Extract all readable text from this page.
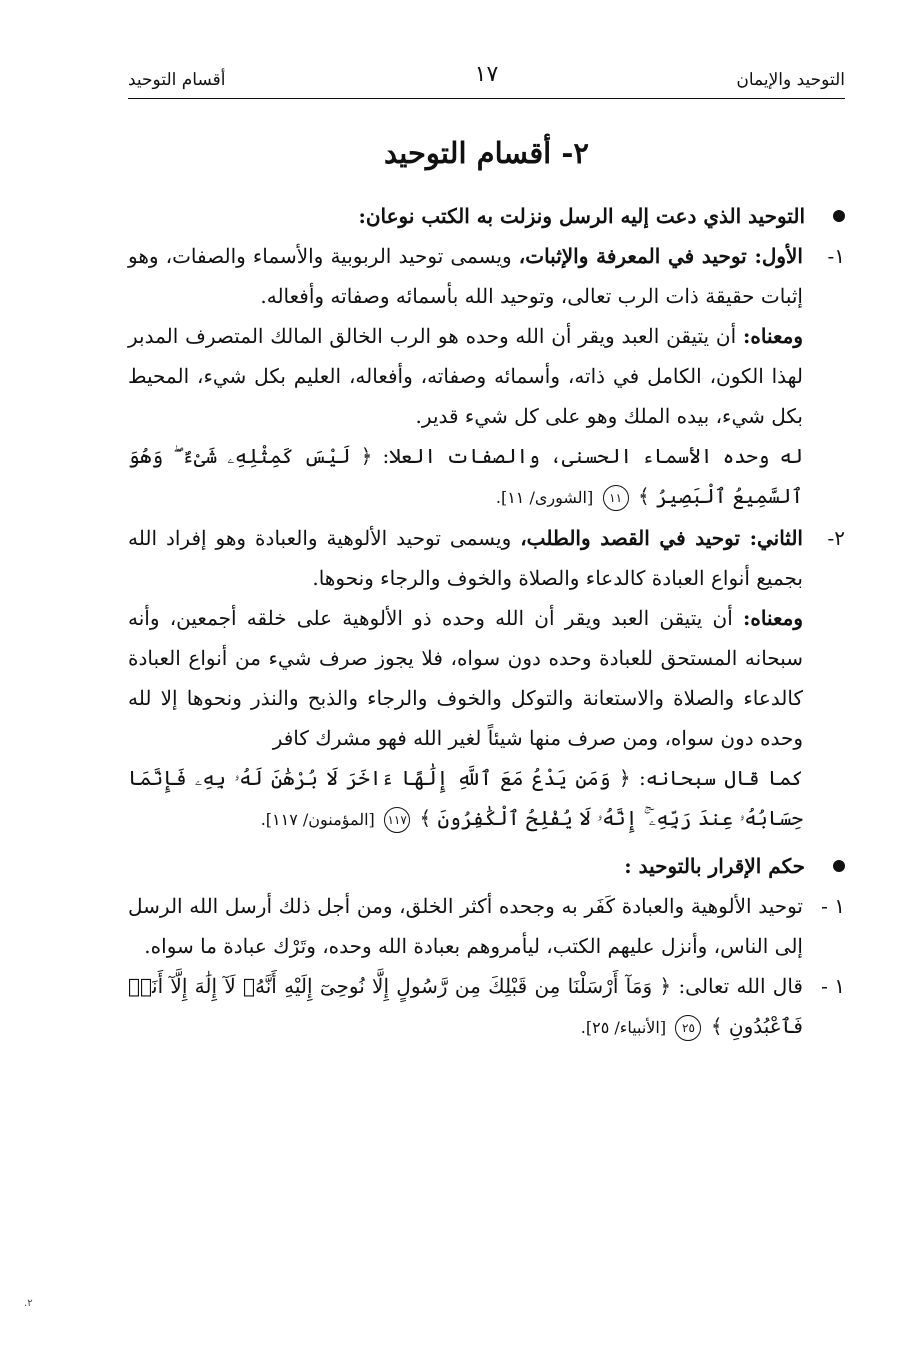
التوحيد والإيمان
١٧
أقسام التوحيد
٢- أقسام التوحيد
التوحيد الذي دعت إليه الرسل ونزلت به الكتب نوعان:
١-
الأول: توحيد في المعرفة والإثبات، ويسمى توحيد الربوبية والأسماء والصفات، وهو إثبات حقيقة ذات الرب تعالى، وتوحيد الله بأسمائه وصفاته وأفعاله.
ومعناه: أن يتيقن العبد ويقر أن الله وحده هو الرب الخالق المالك المتصرف المدبر لهذا الكون، الكامل في ذاته، وأسمائه وصفاته، وأفعاله، العليم بكل شيء، المحيط بكل شيء، بيده الملك وهو على كل شيء قدير.
له وحده الأسماء الحسنى، والصفات العلا: ﴿ لَيْسَ كَمِثْلِهِۦ شَىْءٌ ۖ وَهُوَ ٱلسَّمِيعُ ٱلْبَصِيرُ ﴾ ١١ [الشورى/ ١١].
٢-
الثاني: توحيد في القصد والطلب، ويسمى توحيد الألوهية والعبادة وهو إفراد الله بجميع أنواع العبادة كالدعاء والصلاة والخوف والرجاء ونحوها.
ومعناه: أن يتيقن العبد ويقر أن الله وحده ذو الألوهية على خلقه أجمعين، وأنه سبحانه المستحق للعبادة وحده دون سواه، فلا يجوز صرف شيء من أنواع العبادة كالدعاء والصلاة والاستعانة والتوكل والخوف والرجاء والذبح والنذر ونحوها إلا لله وحده دون سواه، ومن صرف منها شيئاً لغير الله فهو مشرك كافر
كما قال سبحانه: ﴿ وَمَن يَدْعُ مَعَ ٱللَّهِ إِلَٰهًا ءَاخَرَ لَا بُرْهَٰنَ لَهُۥ بِهِۦ فَإِنَّمَا حِسَابُهُۥ عِندَ رَبِّهِۦٓ ۚ إِنَّهُۥ لَا يُفْلِحُ ٱلْكَٰفِرُونَ ﴾ ١١٧ [المؤمنون/ ١١٧].
حكم الإقرار بالتوحيد :
١ -
توحيد الألوهية والعبادة كَفَر به وجحده أكثر الخلق، ومن أجل ذلك أرسل الله الرسل إلى الناس، وأنزل عليهم الكتب، ليأمروهم بعبادة الله وحده، وتَرْك عبادة ما سواه.
١ -
قال الله تعالى: ﴿ وَمَآ أَرْسَلْنَا مِن قَبْلِكَ مِن رَّسُولٍ إِلَّا نُوحِىٓ إِلَيْهِ أَنَّهُۥ لَآ إِلَٰهَ إِلَّآ أَنَا۠ فَٱعْبُدُونِ ﴾ ٢٥ [الأنبياء/ ٢٥].
٢.
